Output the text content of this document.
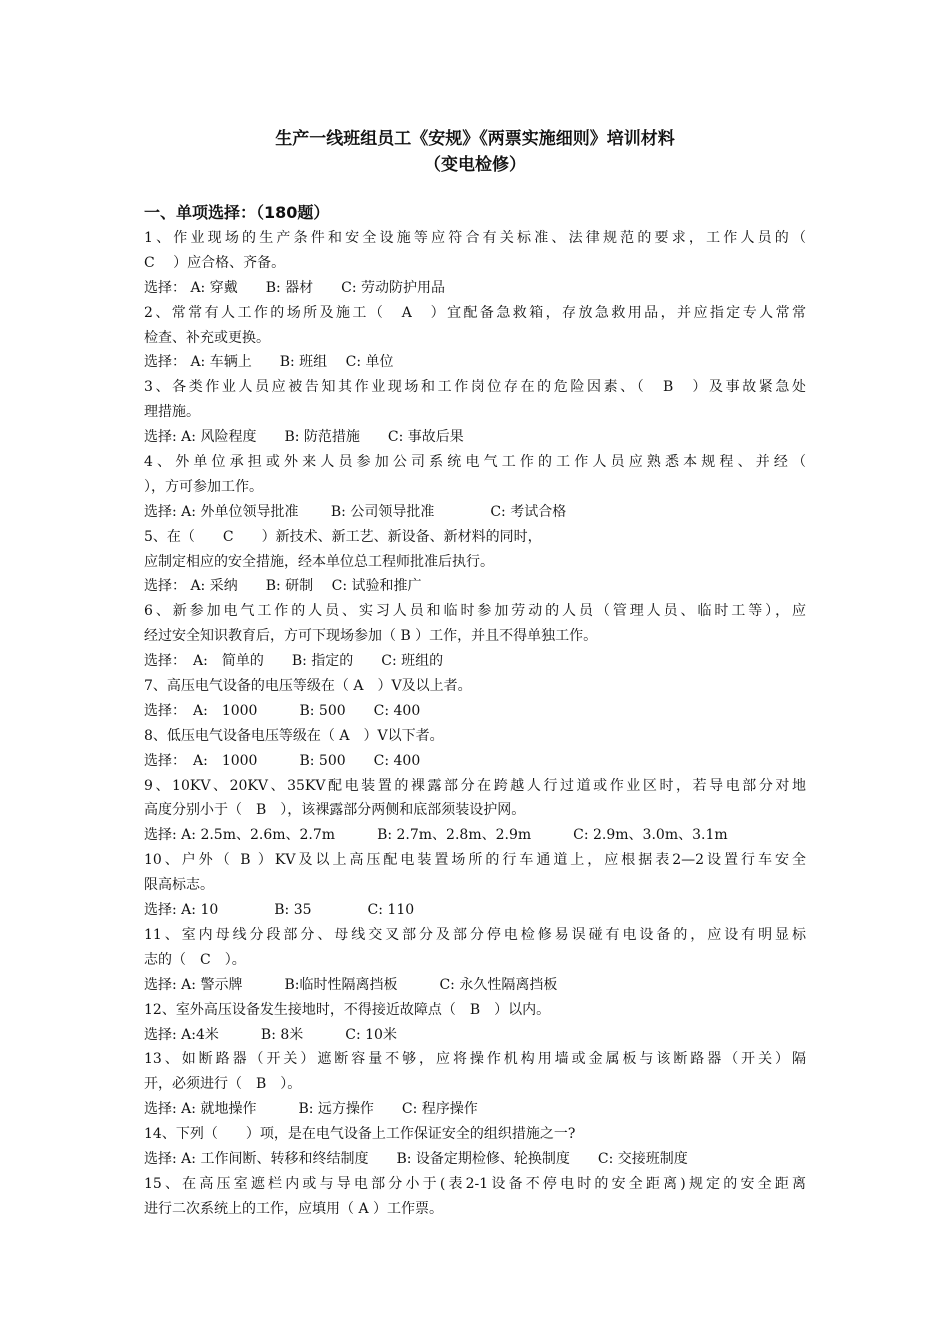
生产一线班组员工《安规》《两票实施细则》培训材料
（变电检修）
一、单项选择：（180题）
1、作业现场的生产条件和安全设施等应符合有关标准、法律规范的要求，工作人员的（
C　 ）应合格、齐备。
选择： A: 穿戴　　B: 器材　　C: 劳动防护用品
2、常常有人工作的场所及施工（　A　）宜配备急救箱，存放急救用品，并应指定专人常常
检查、补充或更换。
选择： A: 车辆上　　B: 班组　 C: 单位
3、各类作业人员应被告知其作业现场和工作岗位存在的危险因素、（　B　）及事故紧急处
理措施。
选择: A: 风险程度　　B: 防范措施　　C: 事故后果
4、外单位承担或外来人员参加公司系统电气工作的工作人员应熟悉本规程、并经（
），方可参加工作。
选择: A: 外单位领导批准　　 B: 公司领导批准　　　　C: 考试合格
5、在（　　C　　）新技术、新工艺、新设备、新材料的同时，
应制定相应的安全措施，经本单位总工程师批准后执行。
选择： A: 采纳　　B: 研制　 C: 试验和推广
6、新参加电气工作的人员、实习人员和临时参加劳动的人员（管理人员、临时工等），应
经过安全知识教育后，方可下现场参加（ B ）工作，并且不得单独工作。
选择：　A:　简单的　　B: 指定的　　C: 班组的
7、高压电气设备的电压等级在（ A　）V及以上者。
选择：　A:　1000　　　B: 500　　C: 400
8、低压电气设备电压等级在（ A　）V以下者。
选择：　A:　1000　　　B: 500　　C: 400
9、10KV、20KV、35KV配电装置的裸露部分在跨越人行过道或作业区时，若导电部分对地
高度分别小于（　B　），该裸露部分两侧和底部须装设护网。
选择: A: 2.5m、2.6m、2.7m　　　B: 2.7m、2.8m、2.9m　　　C: 2.9m、3.0m、3.1m
10、户外（ B ）KV及以上高压配电装置场所的行车通道上，应根据表2—2设置行车安全
限高标志。
选择: A: 10　　　　B: 35　　　　C: 110
11、室内母线分段部分、母线交叉部分及部分停电检修易误碰有电设备的，应设有明显标
志的（　C　）。
选择: A: 警示牌　　　B:临时性隔离挡板　　　C: 永久性隔离挡板
12、室外高压设备发生接地时，不得接近故障点（　B　）以内。
选择: A:4米　　　B: 8米　　　C: 10米
13、如断路器（开关）遮断容量不够，应将操作机构用墙或金属板与该断路器（开关）隔
开，必须进行（　B　）。
选择: A: 就地操作　　　B: 远方操作　　C: 程序操作
14、下列（　　）项，是在电气设备上工作保证安全的组织措施之一?
选择: A: 工作间断、转移和终结制度　　B: 设备定期检修、轮换制度　　C: 交接班制度
15、在高压室遮栏内或与导电部分小于(表2-1设备不停电时的安全距离)规定的安全距离
进行二次系统上的工作，应填用（ A ）工作票。
